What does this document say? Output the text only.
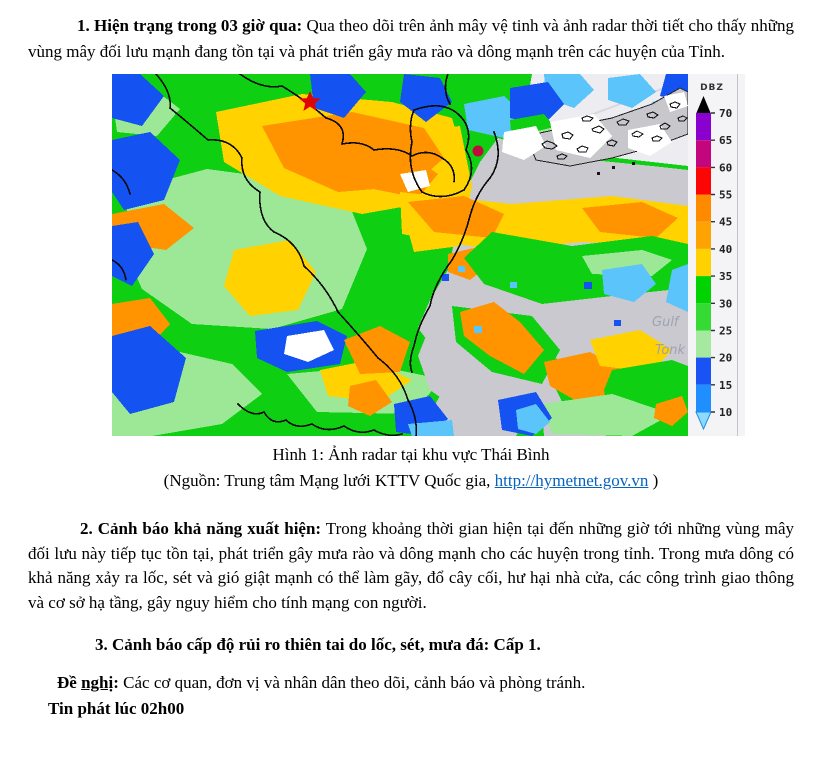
1. Hiện trạng trong 03 giờ qua: Qua theo dõi trên ảnh mây vệ tinh và ảnh radar thời tiết cho thấy những vùng mây đối lưu mạnh đang tồn tại và phát triển gây mưa rào và dông mạnh trên các huyện của Tỉnh.

Gulf
Tonk
DBZ
70
65
60
55
45
40
35
30
25
20
15
10
Hình 1: Ảnh radar tại khu vực Thái Bình
(Nguồn: Trung tâm Mạng lưới KTTV Quốc gia, http://hymetnet.gov.vn )

2. Cảnh báo khả năng xuất hiện: Trong khoảng thời gian hiện tại đến những giờ tới những vùng mây đối lưu này tiếp tục tồn tại, phát triển gây mưa rào và dông mạnh cho các huyện trong tỉnh. Trong mưa dông có khả năng xảy ra lốc, sét và gió giật mạnh có thể làm gãy, đổ cây cối, hư hại nhà cửa, các công trình giao thông và cơ sở hạ tầng, gây nguy hiểm cho tính mạng con người.

3. Cảnh báo cấp độ rủi ro thiên tai do lốc, sét, mưa đá: Cấp 1.

Đề nghị: Các cơ quan, đơn vị và nhân dân theo dõi, cảnh báo và phòng tránh.

Tin phát lúc 02h00
